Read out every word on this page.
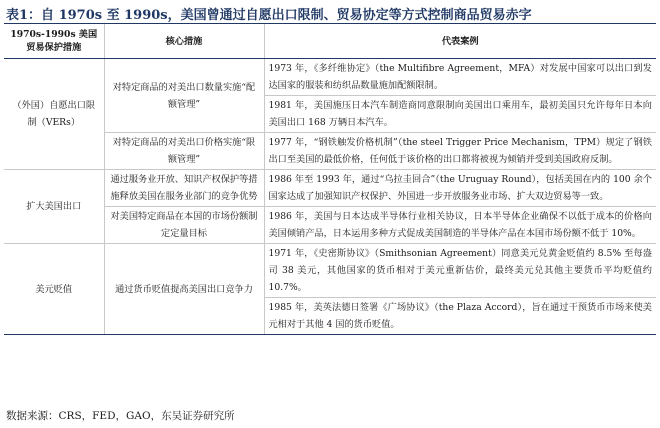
表1：自 1970s 至 1990s，美国曾通过自愿出口限制、贸易协定等方式控制商品贸易赤字
1970s-1990s 美国贸易保护措施	核心措施	代表案例
（外国）自愿出口限制（VERs）	对特定商品的对美出口数量实施“配额管理”	1973 年，《多纤维协定》（the Multifibre Agreement，MFA）对发展中国家可以出口到发达国家的服装和纺织品数量施加配额限制。
		1981 年，美国施压日本汽车制造商同意限制向美国出口乘用车，最初美国只允许每年日本向美国出口 168 万辆日本汽车。
	对特定商品的对美出口价格实施“限额管理”	1977 年，“钢铁触发价格机制”（the steel Trigger Price Mechanism，TPM）规定了钢铁出口至美国的最低价格，任何低于该价格的出口都将被视为倾销并受到美国政府反制。
扩大美国出口	通过服务业开放、知识产权保护等措施释放美国在服务业部门的竞争优势	1986 年至 1993 年，通过“乌拉圭回合”（the Uruguay Round），包括美国在内的 100 余个国家达成了加强知识产权保护、外国进一步开放服务业市场、扩大双边贸易等一致。
	对美国特定商品在本国的市场份额制定定量目标	1986 年，美国与日本达成半导体行业相关协议，日本半导体企业确保不以低于成本的价格向美国倾销产品，日本运用多种方式促成美国制造的半导体产品在本国市场份额不低于 10%。
美元贬值	通过货币贬值提高美国出口竞争力	1971 年，《史密斯协议》（Smithsonian Agreement）同意美元兑黄金贬值约 8.5% 至每盎司 38 美元，其他国家的货币相对于美元重新估价，最终美元兑其他主要货币平均贬值约 10.7%。
		1985 年，美英法德日签署《广场协议》（the Plaza Accord），旨在通过干预货币市场来使美元相对于其他 4 国的货币贬值。
数据来源：CRS，FED，GAO，东吴证券研究所
